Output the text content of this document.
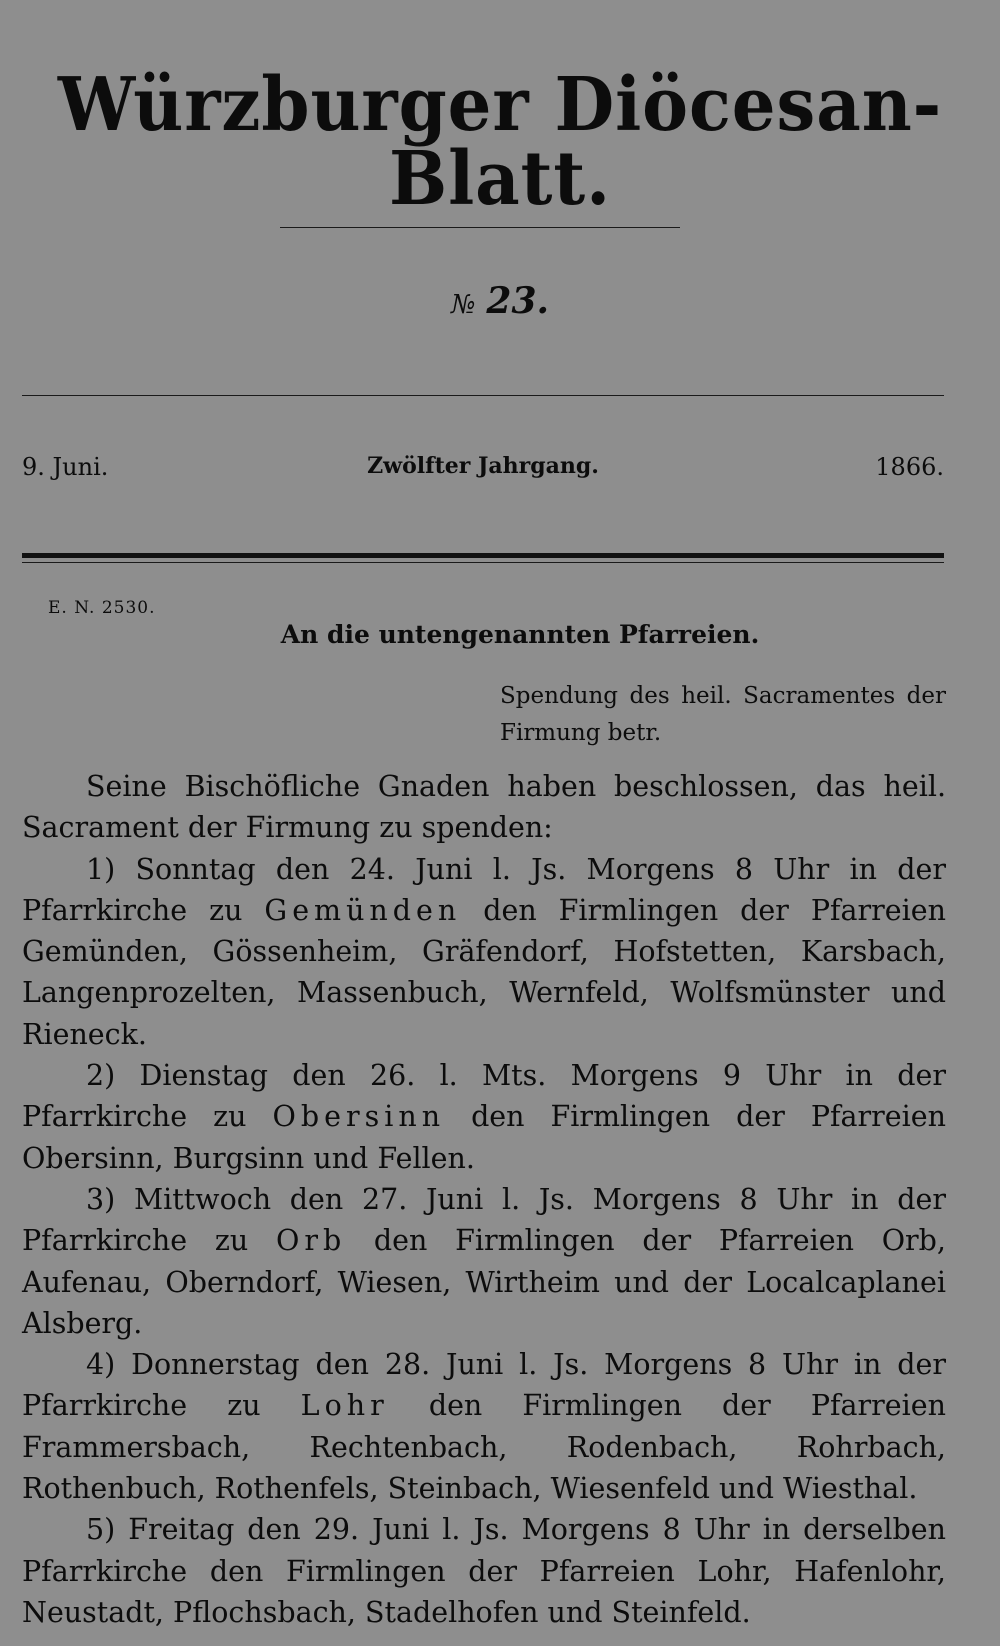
Würzburger Diöcesan-Blatt.
№ 23.
9. Juni.	Zwölfter Jahrgang.	1866.
E. N. 2530.
An die untengenannten Pfarreien.
Spendung des heil. Sacramentes der Firmung betr.

Seine Bischöfliche Gnaden haben beschlossen, das heil. Sacrament der Firmung zu spenden:

1) Sonntag den 24. Juni l. Js. Morgens 8 Uhr in der Pfarrkirche zu Gemünden den Firmlingen der Pfarreien Gemünden, Gössenheim, Gräfendorf, Hofstetten, Karsbach, Langenprozelten, Massenbuch, Wernfeld, Wolfsmünster und Rieneck.

2) Dienstag den 26. l. Mts. Morgens 9 Uhr in der Pfarrkirche zu Obersinn den Firmlingen der Pfarreien Obersinn, Burgsinn und Fellen.

3) Mittwoch den 27. Juni l. Js. Morgens 8 Uhr in der Pfarrkirche zu Orb den Firmlingen der Pfarreien Orb, Aufenau, Oberndorf, Wiesen, Wirtheim und der Localcaplanei Alsberg.

4) Donnerstag den 28. Juni l. Js. Morgens 8 Uhr in der Pfarrkirche zu Lohr den Firmlingen der Pfarreien Frammersbach, Rechtenbach, Rodenbach, Rohrbach, Rothenbuch, Rothenfels, Steinbach, Wiesenfeld und Wiesthal.

5) Freitag den 29. Juni l. Js. Morgens 8 Uhr in derselben Pfarrkirche den Firmlingen der Pfarreien Lohr, Hafenlohr, Neustadt, Pflochsbach, Stadelhofen und Steinfeld.
